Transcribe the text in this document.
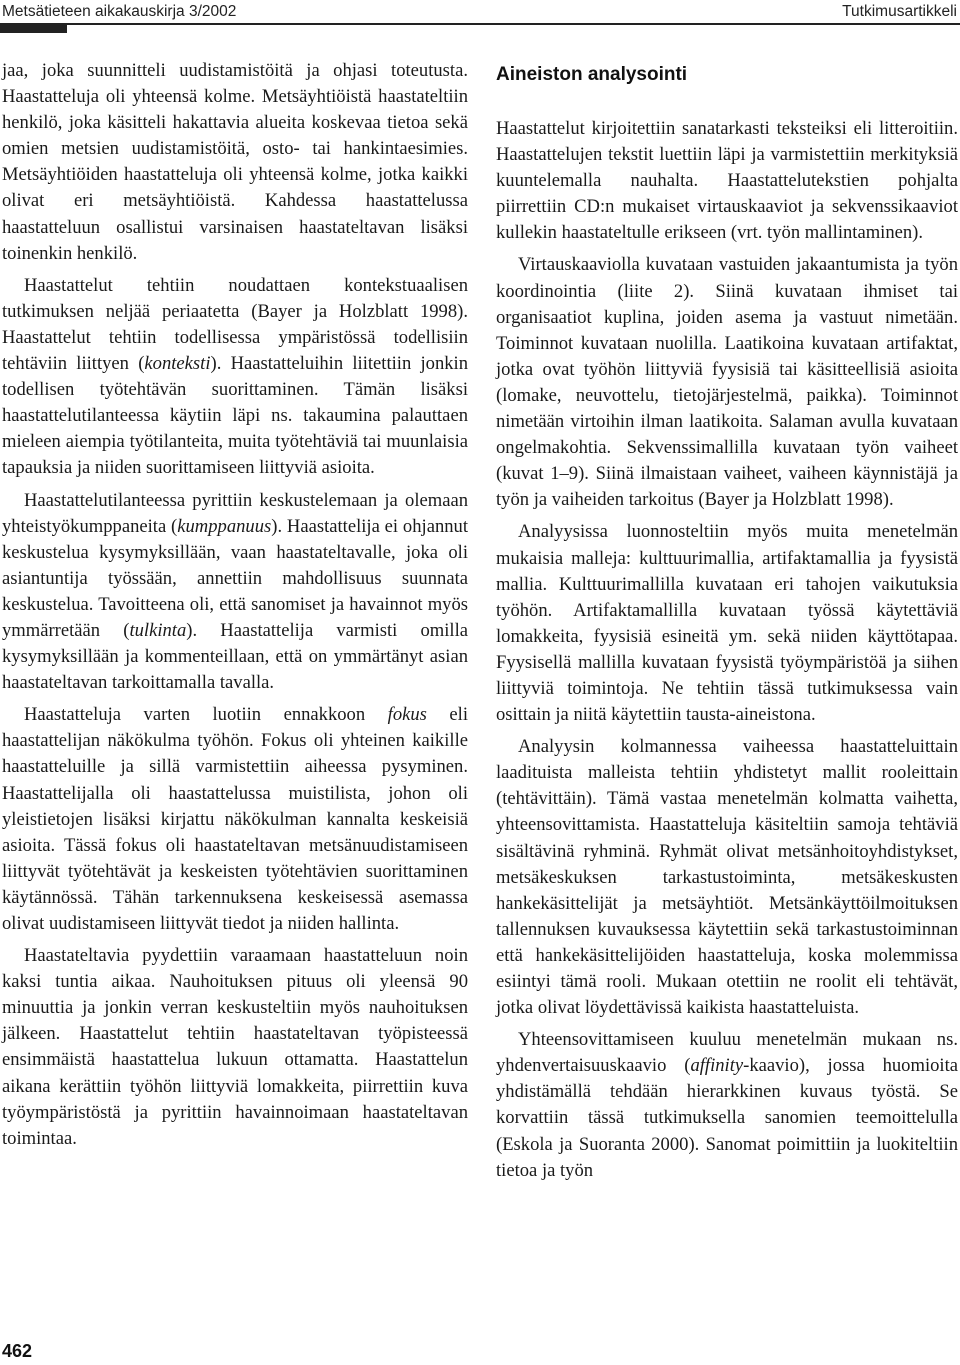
Metsätieteen aikakauskirja 3/2002	Tutkimusartikkeli

jaa, joka suunnitteli uudistamistöitä ja ohjasi toteutusta. Haastatteluja oli yhteensä kolme. Metsäyhtiöistä haastateltiin henkilö, joka käsitteli hakattavia alueita koskevaa tietoa sekä omien metsien uudistamistöitä, osto- tai hankintaesimies. Metsäyhtiöiden haastatteluja oli yhteensä kolme, jotka kaikki olivat eri metsäyhtiöistä. Kahdessa haastattelussa haastatteluun osallistui varsinaisen haastateltavan lisäksi toinenkin henkilö.

Haastattelut tehtiin noudattaen kontekstuaalisen tutkimuksen neljää periaatetta (Bayer ja Holzblatt 1998). Haastattelut tehtiin todellisessa ympäristössä todellisiin tehtäviin liittyen (konteksti). Haastatteluihin liitettiin jonkin todellisen työtehtävän suorittaminen. Tämän lisäksi haastattelutilanteessa käytiin läpi ns. takaumina palauttaen mieleen aiempia työtilanteita, muita työtehtäviä tai muunlaisia tapauksia ja niiden suorittamiseen liittyviä asioita.

Haastattelutilanteessa pyrittiin keskustelemaan ja olemaan yhteistyökumppaneita (kumppanuus). Haastattelija ei ohjannut keskustelua kysymyksillään, vaan haastateltavalle, joka oli asiantuntija työssään, annettiin mahdollisuus suunnata keskustelua. Tavoitteena oli, että sanomiset ja havainnot myös ymmärretään (tulkinta). Haastattelija varmisti omilla kysymyksillään ja kommenteillaan, että on ymmärtänyt asian haastateltavan tarkoittamalla tavalla.

Haastatteluja varten luotiin ennakkoon fokus eli haastattelijan näkökulma työhön. Fokus oli yhteinen kaikille haastatteluille ja sillä varmistettiin aiheessa pysyminen. Haastattelijalla oli haastattelussa muistilista, johon oli yleistietojen lisäksi kirjattu näkökulman kannalta keskeisiä asioita. Tässä fokus oli haastateltavan metsänuudistamiseen liittyvät työtehtävät ja keskeisten työtehtävien suorittaminen käytännössä. Tähän tarkennuksena keskeisessä asemassa olivat uudistamiseen liittyvät tiedot ja niiden hallinta.

Haastateltavia pyydettiin varaamaan haastatteluun noin kaksi tuntia aikaa. Nauhoituksen pituus oli yleensä 90 minuuttia ja jonkin verran keskusteltiin myös nauhoituksen jälkeen. Haastattelut tehtiin haastateltavan työpisteessä ensimmäistä haastattelua lukuun ottamatta. Haastattelun aikana kerättiin työhön liittyviä lomakkeita, piirrettiin kuva työympäristöstä ja pyrittiin havainnoimaan haastateltavan toimintaa.

Aineiston analysointi

Haastattelut kirjoitettiin sanatarkasti teksteiksi eli litteroitiin. Haastattelujen tekstit luettiin läpi ja varmistettiin merkityksiä kuuntelemalla nauhalta. Haastattelutekstien pohjalta piirrettiin CD:n mukaiset virtauskaaviot ja sekvenssikaaviot kullekin haastateltulle erikseen (vrt. työn mallintaminen).

Virtauskaaviolla kuvataan vastuiden jakaantumista ja työn koordinointia (liite 2). Siinä kuvataan ihmiset tai organisaatiot kuplina, joiden asema ja vastuut nimetään. Toiminnot kuvataan nuolilla. Laatikoina kuvataan artifaktat, jotka ovat työhön liittyviä fyysisiä tai käsitteellisiä asioita (lomake, neuvottelu, tietojärjestelmä, paikka). Toiminnot nimetään virtoihin ilman laatikoita. Salaman avulla kuvataan ongelmakohtia. Sekvenssimallilla kuvataan työn vaiheet (kuvat 1–9). Siinä ilmaistaan vaiheet, vaiheen käynnistäjä ja työn ja vaiheiden tarkoitus (Bayer ja Holzblatt 1998).

Analyysissa luonnosteltiin myös muita menetelmän mukaisia malleja: kulttuurimallia, artifaktamallia ja fyysistä mallia. Kulttuurimallilla kuvataan eri tahojen vaikutuksia työhön. Artifaktamallilla kuvataan työssä käytettäviä lomakkeita, fyysisiä esineitä ym. sekä niiden käyttötapaa. Fyysisellä mallilla kuvataan fyysistä työympäristöä ja siihen liittyviä toimintoja. Ne tehtiin tässä tutkimuksessa vain osittain ja niitä käytettiin tausta-aineistona.

Analyysin kolmannessa vaiheessa haastatteluittain laadituista malleista tehtiin yhdistetyt mallit rooleittain (tehtävittäin). Tämä vastaa menetelmän kolmatta vaihetta, yhteensovittamista. Haastatteluja käsiteltiin samoja tehtäviä sisältävinä ryhminä. Ryhmät olivat metsänhoitoyhdistykset, metsäkeskuksen tarkastustoiminta, metsäkeskusten hankekäsittelijät ja metsäyhtiöt. Metsänkäyttöilmoituksen tallennuksen kuvauksessa käytettiin sekä tarkastustoiminnan että hankekäsittelijöiden haastatteluja, koska molemmissa esiintyi tämä rooli. Mukaan otettiin ne roolit eli tehtävät, jotka olivat löydettävissä kaikista haastatteluista.

Yhteensovittamiseen kuuluu menetelmän mukaan ns. yhdenvertaisuuskaavio (affinity-kaavio), jossa huomioita yhdistämällä tehdään hierarkkinen kuvaus työstä. Se korvattiin tässä tutkimuksella sanomien teemoittelulla (Eskola ja Suoranta 2000). Sanomat poimittiin ja luokiteltiin tietoa ja työn

462
